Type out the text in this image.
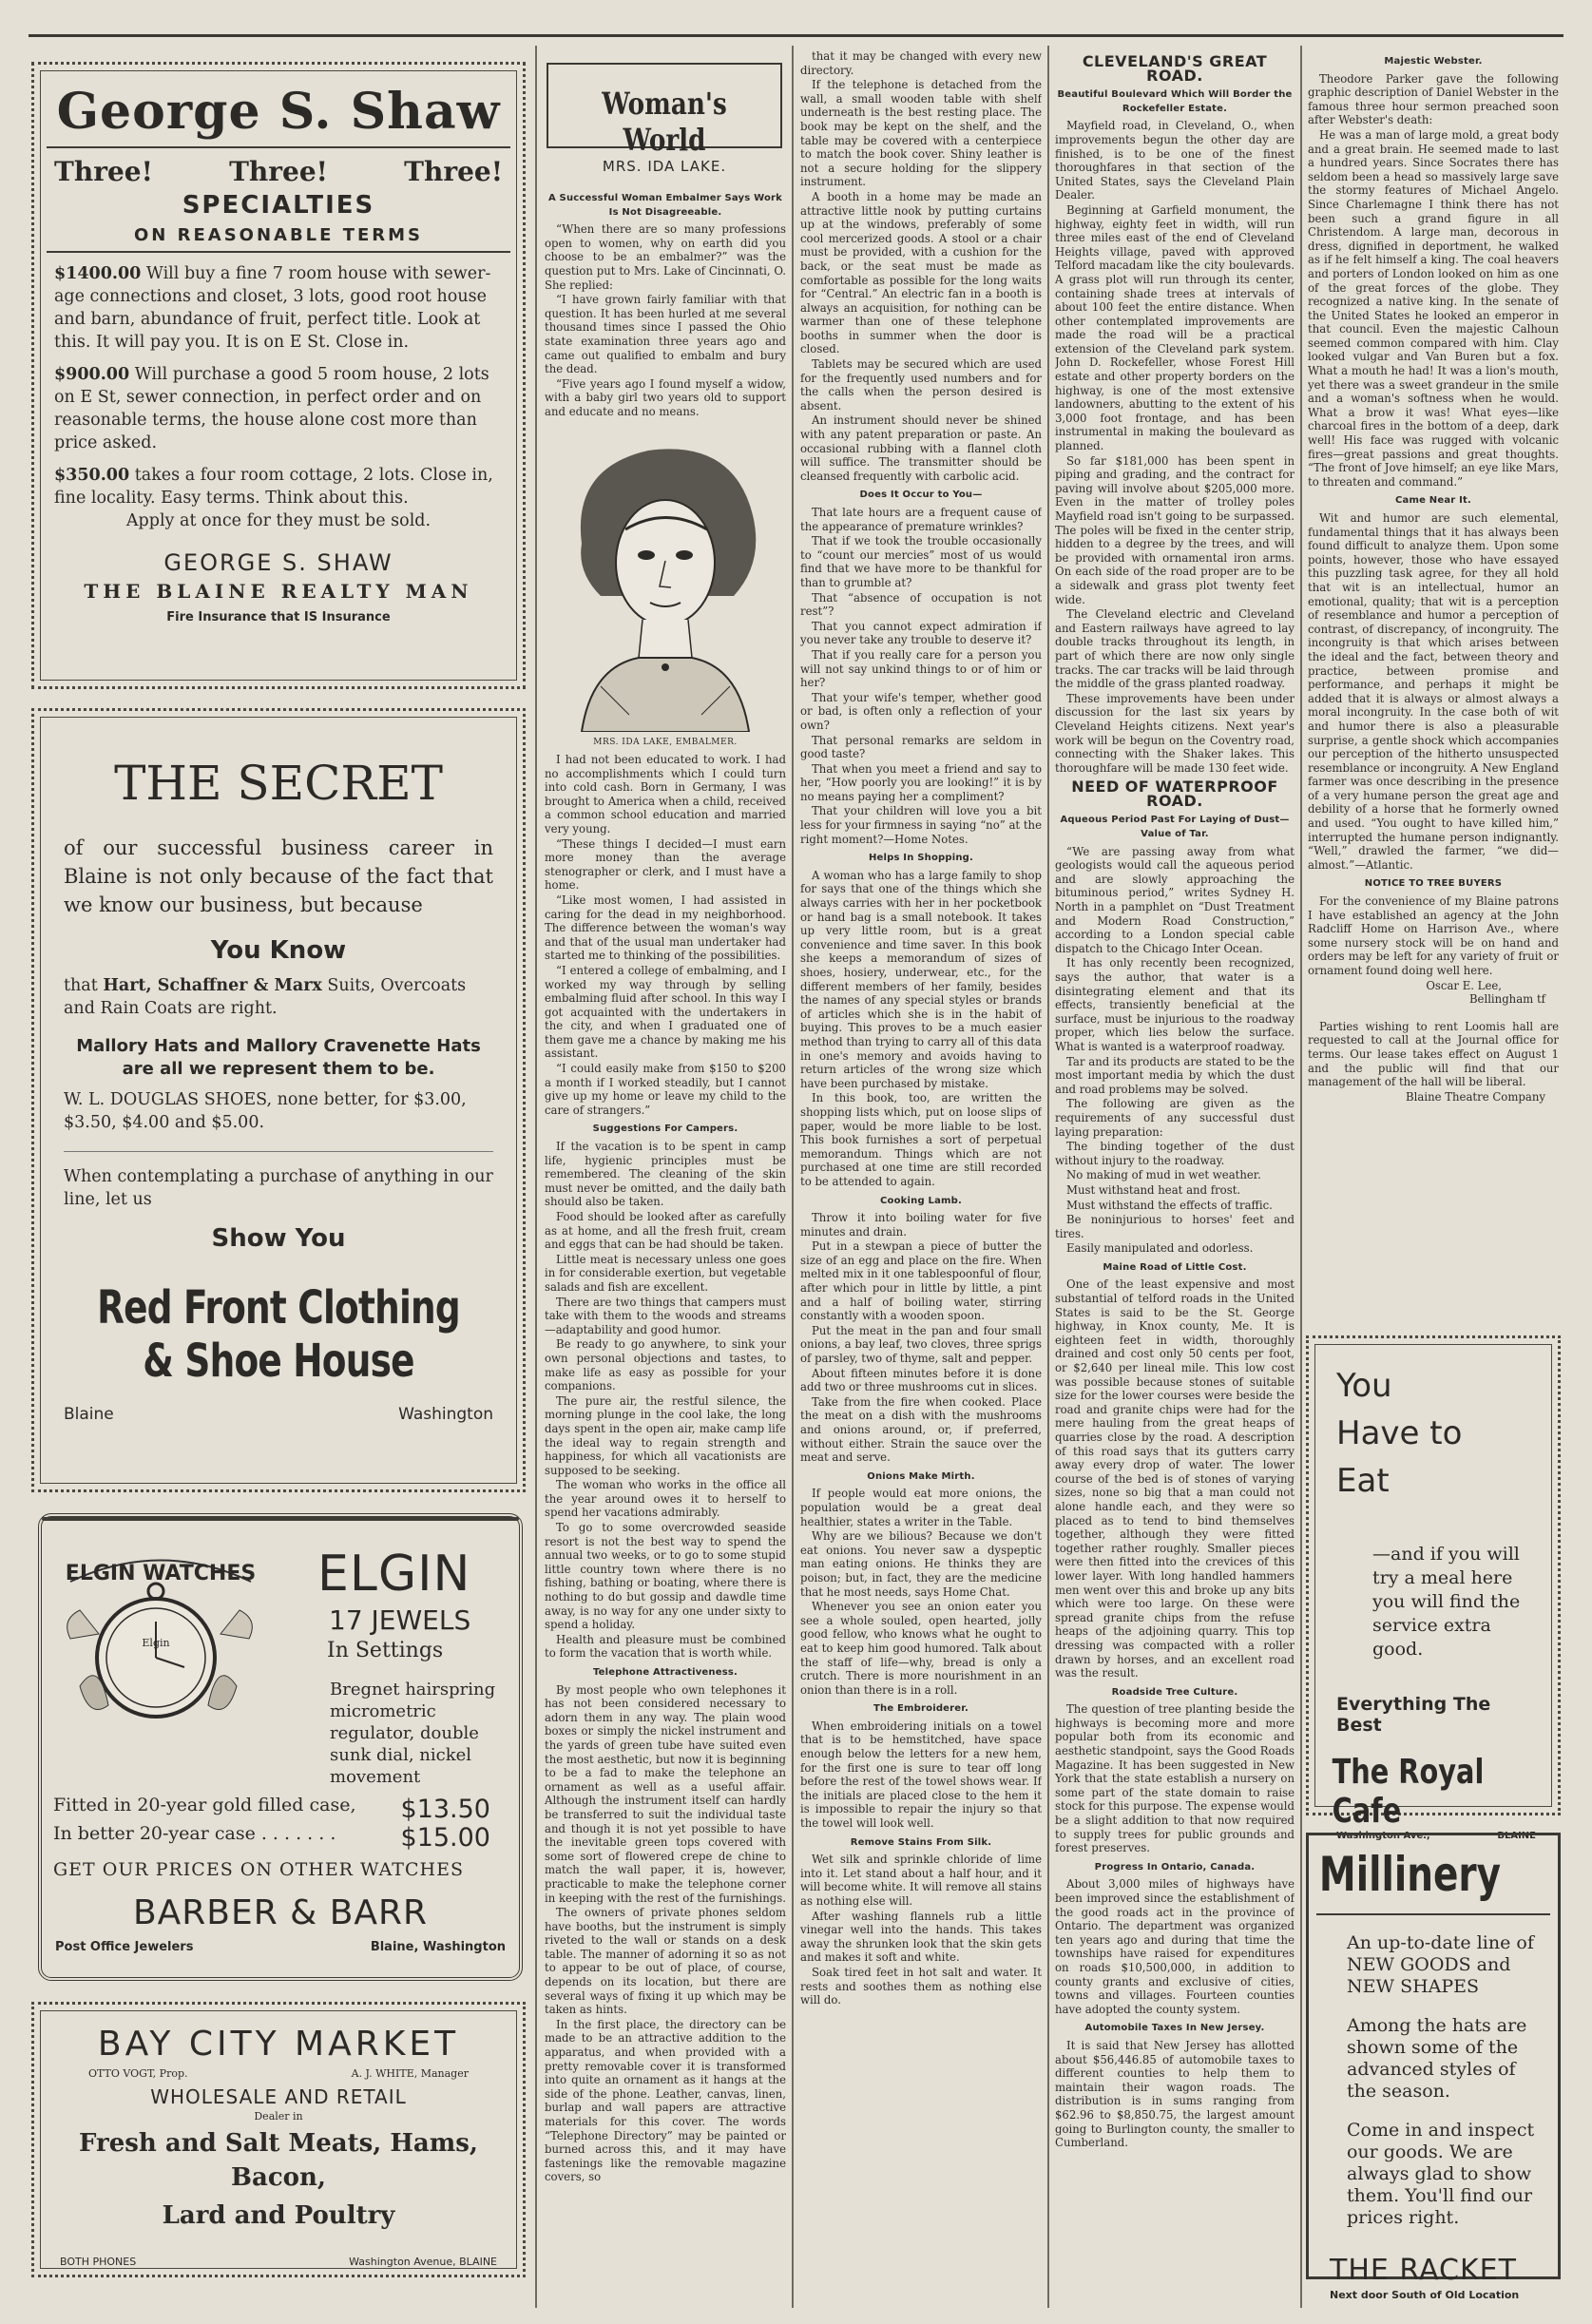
George S. Shaw
Three!	Three!	Three!
SPECIALTIES
ON REASONABLE TERMS
$1400.00 Will buy a fine 7 room house with sewer-age connections and closet, 3 lots, good root house and barn, abundance of fruit, perfect title. Look at this. It will pay you. It is on E St. Close in.
$900.00 Will purchase a good 5 room house, 2 lots on E St, sewer connection, in perfect order and on reasonable terms, the house alone cost more than price asked.
$350.00 takes a four room cottage, 2 lots. Close in, fine locality. Easy terms. Think about this.
Apply at once for they must be sold.
GEORGE S. SHAW
THE BLAINE REALTY MAN
Fire Insurance that IS Insurance
THE SECRET
of our successful business career in Blaine is not only because of the fact that we know our business, but because
You Know
that Hart, Schaffner & Marx Suits, Overcoats and Rain Coats are right.
Mallory Hats and Mallory Cravenette Hats are all we represent them to be.
W. L. DOUGLAS SHOES, none better, for $3.00, $3.50, $4.00 and $5.00.
When contemplating a purchase of anything in our line, let us
Show You
Red Front Clothing & Shoe House
Blaine	Washington
ELGIN WATCHES
Elgin
ELGIN
17 JEWELS
In Settings
Bregnet hairspring micrometric regulator, double sunk dial, nickel movement
Fitted in 20-year gold filled case, $13.50
In better 20-year case . . . . . . .	$15.00
GET OUR PRICES ON OTHER WATCHES
BARBER & BARR
Post Office Jewelers	Blaine, Washington
BAY CITY MARKET
OTTO VOGT, Prop.	A. J. WHITE, Manager
WHOLESALE AND RETAIL
Dealer in
Fresh and Salt Meats, Hams, Bacon,
Lard and Poultry
BOTH PHONES	Washington Avenue, BLAINE
Woman's World
MRS. IDA LAKE.
A Successful Woman Embalmer Says Work Is Not Disagreeable.

“When there are so many professions open to women, why on earth did you choose to be an embalmer?” was the question put to Mrs. Lake of Cincinnati, O. She replied:

“I have grown fairly familiar with that question. It has been hurled at me several thousand times since I passed the Ohio state examination three years ago and came out qualified to embalm and bury the dead.

“Five years ago I found myself a widow, with a baby girl two years old to support and educate and no means.

MRS. IDA LAKE, EMBALMER.

I had not been educated to work. I had no accomplishments which I could turn into cold cash. Born in Germany, I was brought to America when a child, received a common school education and married very young.

“These things I decided—I must earn more money than the average stenographer or clerk, and I must have a home.

“Like most women, I had assisted in caring for the dead in my neighborhood. The difference between the woman's way and that of the usual man undertaker had started me to thinking of the possibilities.

“I entered a college of embalming, and I worked my way through by selling embalming fluid after school. In this way I got acquainted with the undertakers in the city, and when I graduated one of them gave me a chance by making me his assistant.

“I could easily make from $150 to $200 a month if I worked steadily, but I cannot give up my home or leave my child to the care of strangers.”

Suggestions For Campers.

If the vacation is to be spent in camp life, hygienic principles must be remembered. The cleaning of the skin must never be omitted, and the daily bath should also be taken.

Food should be looked after as carefully as at home, and all the fresh fruit, cream and eggs that can be had should be taken.

Little meat is necessary unless one goes in for considerable exertion, but vegetable salads and fish are excellent.

There are two things that campers must take with them to the woods and streams—adaptability and good humor.

Be ready to go anywhere, to sink your own personal objections and tastes, to make life as easy as possible for your companions.

The pure air, the restful silence, the morning plunge in the cool lake, the long days spent in the open air, make camp life the ideal way to regain strength and happiness, for which all vacationists are supposed to be seeking.

The woman who works in the office all the year around owes it to herself to spend her vacations admirably.

To go to some overcrowded seaside resort is not the best way to spend the annual two weeks, or to go to some stupid little country town where there is no fishing, bathing or boating, where there is nothing to do but gossip and dawdle time away, is no way for any one under sixty to spend a holiday.

Health and pleasure must be combined to form the vacation that is worth while.

Telephone Attractiveness.

By most people who own telephones it has not been considered necessary to adorn them in any way. The plain wood boxes or simply the nickel instrument and the yards of green tube have suited even the most aesthetic, but now it is beginning to be a fad to make the telephone an ornament as well as a useful affair. Although the instrument itself can hardly be transferred to suit the individual taste and though it is not yet possible to have the inevitable green tops covered with some sort of flowered crepe de chine to match the wall paper, it is, however, practicable to make the telephone corner in keeping with the rest of the furnishings.

The owners of private phones seldom have booths, but the instrument is simply riveted to the wall or stands on a desk table. The manner of adorning it so as not to appear to be out of place, of course, depends on its location, but there are several ways of fixing it up which may be taken as hints.

In the first place, the directory can be made to be an attractive addition to the apparatus, and when provided with a pretty removable cover it is transformed into quite an ornament as it hangs at the side of the phone. Leather, canvas, linen, burlap and wall papers are attractive materials for this cover. The words “Telephone Directory” may be painted or burned across this, and it may have fastenings like the removable magazine covers, so

that it may be changed with every new directory.

If the telephone is detached from the wall, a small wooden table with shelf underneath is the best resting place. The book may be kept on the shelf, and the table may be covered with a centerpiece to match the book cover. Shiny leather is not a secure holding for the slippery instrument.

A booth in a home may be made an attractive little nook by putting curtains up at the windows, preferably of some cool mercerized goods. A stool or a chair must be provided, with a cushion for the back, or the seat must be made as comfortable as possible for the long waits for “Central.” An electric fan in a booth is always an acquisition, for nothing can be warmer than one of these telephone booths in summer when the door is closed.

Tablets may be secured which are used for the frequently used numbers and for the calls when the person desired is absent.

An instrument should never be shined with any patent preparation or paste. An occasional rubbing with a flannel cloth will suffice. The transmitter should be cleansed frequently with carbolic acid.

Does It Occur to You—

That late hours are a frequent cause of the appearance of premature wrinkles?

That if we took the trouble occasionally to “count our mercies” most of us would find that we have more to be thankful for than to grumble at?

That “absence of occupation is not rest”?

That you cannot expect admiration if you never take any trouble to deserve it?

That if you really care for a person you will not say unkind things to or of him or her?

That your wife's temper, whether good or bad, is often only a reflection of your own?

That personal remarks are seldom in good taste?

That when you meet a friend and say to her, “How poorly you are looking!” it is by no means paying her a compliment?

That your children will love you a bit less for your firmness in saying “no” at the right moment?—Home Notes.

Helps In Shopping.

A woman who has a large family to shop for says that one of the things which she always carries with her in her pocketbook or hand bag is a small notebook. It takes up very little room, but is a great convenience and time saver. In this book she keeps a memorandum of sizes of shoes, hosiery, underwear, etc., for the different members of her family, besides the names of any special styles or brands of articles which she is in the habit of buying. This proves to be a much easier method than trying to carry all of this data in one's memory and avoids having to return articles of the wrong size which have been purchased by mistake.

In this book, too, are written the shopping lists which, put on loose slips of paper, would be more liable to be lost. This book furnishes a sort of perpetual memorandum. Things which are not purchased at one time are still recorded to be attended to again.

Cooking Lamb.

Throw it into boiling water for five minutes and drain.

Put in a stewpan a piece of butter the size of an egg and place on the fire. When melted mix in it one tablespoonful of flour, after which pour in little by little, a pint and a half of boiling water, stirring constantly with a wooden spoon.

Put the meat in the pan and four small onions, a bay leaf, two cloves, three sprigs of parsley, two of thyme, salt and pepper.

About fifteen minutes before it is done add two or three mushrooms cut in slices.

Take from the fire when cooked. Place the meat on a dish with the mushrooms and onions around, or, if preferred, without either. Strain the sauce over the meat and serve.

Onions Make Mirth.

If people would eat more onions, the population would be a great deal healthier, states a writer in the Table.

Why are we bilious? Because we don't eat onions. You never saw a dyspeptic man eating onions. He thinks they are poison; but, in fact, they are the medicine that he most needs, says Home Chat.

Whenever you see an onion eater you see a whole souled, open hearted, jolly good fellow, who knows what he ought to eat to keep him good humored. Talk about the staff of life—why, bread is only a crutch. There is more nourishment in an onion than there is in a roll.

The Embroiderer.

When embroidering initials on a towel that is to be hemstitched, have space enough below the letters for a new hem, for the first one is sure to tear off long before the rest of the towel shows wear. If the initials are placed close to the hem it is impossible to repair the injury so that the towel will look well.

Remove Stains From Silk.

Wet silk and sprinkle chloride of lime into it. Let stand about a half hour, and it will become white. It will remove all stains as nothing else will.

After washing flannels rub a little vinegar well into the hands. This takes away the shrunken look that the skin gets and makes it soft and white.

Soak tired feet in hot salt and water. It rests and soothes them as nothing else will do.

CLEVELAND'S GREAT ROAD.
Beautiful Boulevard Which Will Border the Rockefeller Estate.

Mayfield road, in Cleveland, O., when improvements begun the other day are finished, is to be one of the finest thoroughfares in that section of the United States, says the Cleveland Plain Dealer.

Beginning at Garfield monument, the highway, eighty feet in width, will run three miles east of the end of Cleveland Heights village, paved with approved Telford macadam like the city boulevards. A grass plot will run through its center, containing shade trees at intervals of about 100 feet the entire distance. When other contemplated improvements are made the road will be a practical extension of the Cleveland park system. John D. Rockefeller, whose Forest Hill estate and other property borders on the highway, is one of the most extensive landowners, abutting to the extent of his 3,000 foot frontage, and has been instrumental in making the boulevard as planned.

So far $181,000 has been spent in piping and grading, and the contract for paving will involve about $205,000 more. Even in the matter of trolley poles Mayfield road isn't going to be surpassed. The poles will be fixed in the center strip, hidden to a degree by the trees, and will be provided with ornamental iron arms. On each side of the road proper are to be a sidewalk and grass plot twenty feet wide.

The Cleveland electric and Cleveland and Eastern railways have agreed to lay double tracks throughout its length, in part of which there are now only single tracks. The car tracks will be laid through the middle of the grass planted roadway.

These improvements have been under discussion for the last six years by Cleveland Heights citizens. Next year's work will be begun on the Coventry road, connecting with the Shaker lakes. This thoroughfare will be made 130 feet wide.

NEED OF WATERPROOF ROAD.
Aqueous Period Past For Laying of Dust—Value of Tar.

“We are passing away from what geologists would call the aqueous period and are slowly approaching the bituminous period,” writes Sydney H. North in a pamphlet on “Dust Treatment and Modern Road Construction,” according to a London special cable dispatch to the Chicago Inter Ocean.

It has only recently been recognized, says the author, that water is a disintegrating element and that its effects, transiently beneficial at the surface, must be injurious to the roadway proper, which lies below the surface. What is wanted is a waterproof roadway.

Tar and its products are stated to be the most important media by which the dust and road problems may be solved.

The following are given as the requirements of any successful dust laying preparation:

The binding together of the dust without injury to the roadway.

No making of mud in wet weather.

Must withstand heat and frost.

Must withstand the effects of traffic.

Be noninjurious to horses' feet and tires.

Easily manipulated and odorless.

Maine Road of Little Cost.

One of the least expensive and most substantial of telford roads in the United States is said to be the St. George highway, in Knox county, Me. It is eighteen feet in width, thoroughly drained and cost only 50 cents per foot, or $2,640 per lineal mile. This low cost was possible because stones of suitable size for the lower courses were beside the road and granite chips were had for the mere hauling from the great heaps of quarries close by the road. A description of this road says that its gutters carry away every drop of water. The lower course of the bed is of stones of varying sizes, none so big that a man could not alone handle each, and they were so placed as to tend to bind themselves together, although they were fitted together rather roughly. Smaller pieces were then fitted into the crevices of this lower layer. With long handled hammers men went over this and broke up any bits which were too large. On these were spread granite chips from the refuse heaps of the adjoining quarry. This top dressing was compacted with a roller drawn by horses, and an excellent road was the result.

Roadside Tree Culture.

The question of tree planting beside the highways is becoming more and more popular both from its economic and aesthetic standpoint, says the Good Roads Magazine. It has been suggested in New York that the state establish a nursery on some part of the state domain to raise stock for this purpose. The expense would be a slight addition to that now required to supply trees for public grounds and forest preserves.

Progress In Ontario, Canada.

About 3,000 miles of highways have been improved since the establishment of the good roads act in the province of Ontario. The department was organized ten years ago and during that time the townships have raised for expenditures on roads $10,500,000, in addition to county grants and exclusive of cities, towns and villages. Fourteen counties have adopted the county system.

Automobile Taxes In New Jersey.

It is said that New Jersey has allotted about $56,446.85 of automobile taxes to different counties to help them to maintain their wagon roads. The distribution is in sums ranging from $62.96 to $8,850.75, the largest amount going to Burlington county, the smaller to Cumberland.

Majestic Webster.

Theodore Parker gave the following graphic description of Daniel Webster in the famous three hour sermon preached soon after Webster's death:

He was a man of large mold, a great body and a great brain. He seemed made to last a hundred years. Since Socrates there has seldom been a head so massively large save the stormy features of Michael Angelo. Since Charlemagne I think there has not been such a grand figure in all Christendom. A large man, decorous in dress, dignified in deportment, he walked as if he felt himself a king. The coal heavers and porters of London looked on him as one of the great forces of the globe. They recognized a native king. In the senate of the United States he looked an emperor in that council. Even the majestic Calhoun seemed common compared with him. Clay looked vulgar and Van Buren but a fox. What a mouth he had! It was a lion's mouth, yet there was a sweet grandeur in the smile and a woman's softness when he would. What a brow it was! What eyes—like charcoal fires in the bottom of a deep, dark well! His face was rugged with volcanic fires—great passions and great thoughts. “The front of Jove himself; an eye like Mars, to threaten and command.”

Came Near It.

Wit and humor are such elemental, fundamental things that it has always been found difficult to analyze them. Upon some points, however, those who have essayed this puzzling task agree, for they all hold that wit is an intellectual, humor an emotional, quality; that wit is a perception of resemblance and humor a perception of contrast, of discrepancy, of incongruity. The incongruity is that which arises between the ideal and the fact, between theory and practice, between promise and performance, and perhaps it might be added that it is always or almost always a moral incongruity. In the case both of wit and humor there is also a pleasurable surprise, a gentle shock which accompanies our perception of the hitherto unsuspected resemblance or incongruity. A New England farmer was once describing in the presence of a very humane person the great age and debility of a horse that he formerly owned and used. “You ought to have killed him,” interrupted the humane person indignantly. “Well,” drawled the farmer, “we did—almost.”—Atlantic.

NOTICE TO TREE BUYERS

For the convenience of my Blaine patrons I have established an agency at the John Radcliff Home on Harrison Ave., where some nursery stock will be on hand and orders may be left for any variety of fruit or ornament found doing well here.

Oscar E. Lee,
Bellingham tf

Parties wishing to rent Loomis hall are requested to call at the Journal office for terms. Our lease takes effect on August 1 and the public will find that our management of the hall will be liberal.

Blaine Theatre Company
You
Have to
Eat
—and if you will try a meal here you will find the service extra good.
Everything The Best
The Royal Cafe
Washington Ave.,	BLAINE
Millinery
An up-to-date line of NEW GOODS and NEW SHAPES
Among the hats are shown some of the advanced styles of the season.
Come in and inspect our goods. We are always glad to show them. You'll find our prices right.
THE RACKET
Next door South of Old Location
